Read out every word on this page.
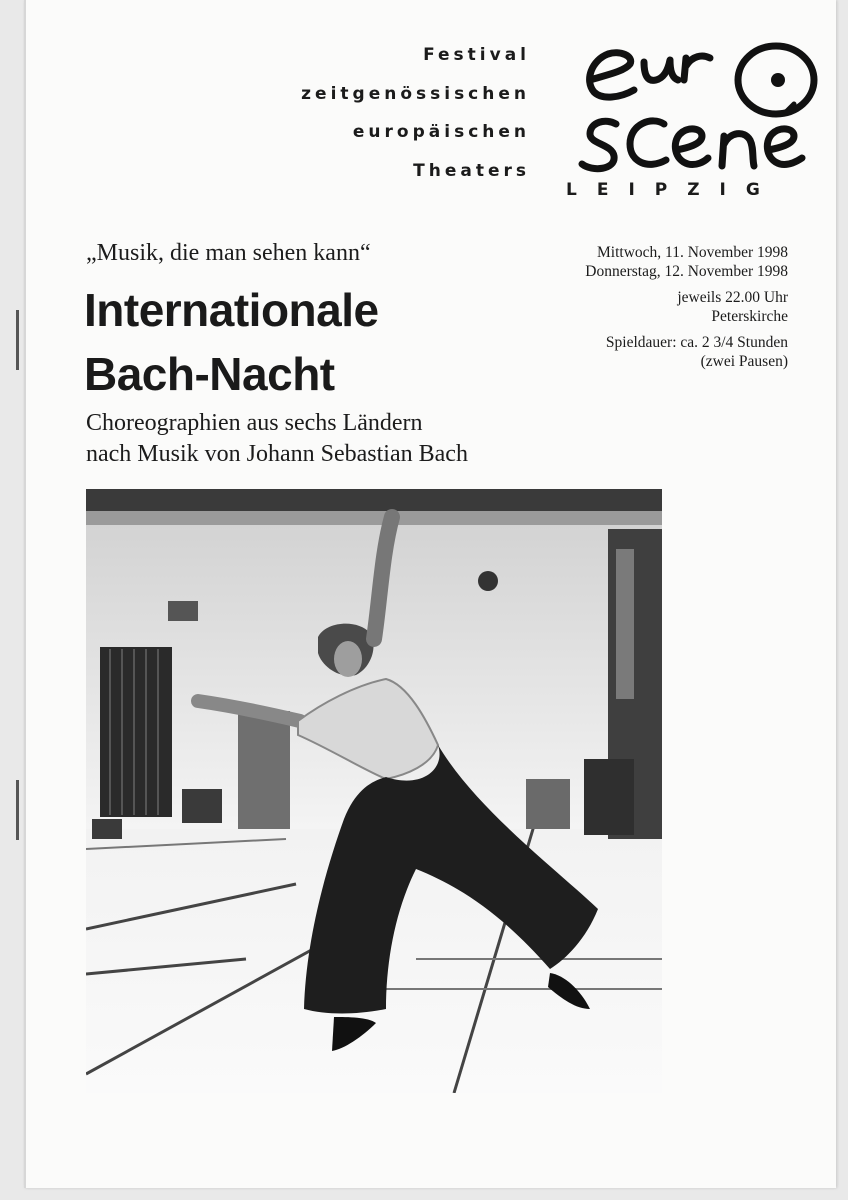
Festival
zeitgenössischen
europäischen
Theaters
LEIPZIG
„Musik, die man sehen kann“
Internationale
Bach-Nacht
Choreographien aus sechs Ländern
nach Musik von Johann Sebastian Bach
Mittwoch, 11. November 1998
Donnerstag, 12. November 1998
jeweils 22.00 Uhr
Peterskirche
Spieldauer: ca. 2 3/4 Stunden
(zwei Pausen)
